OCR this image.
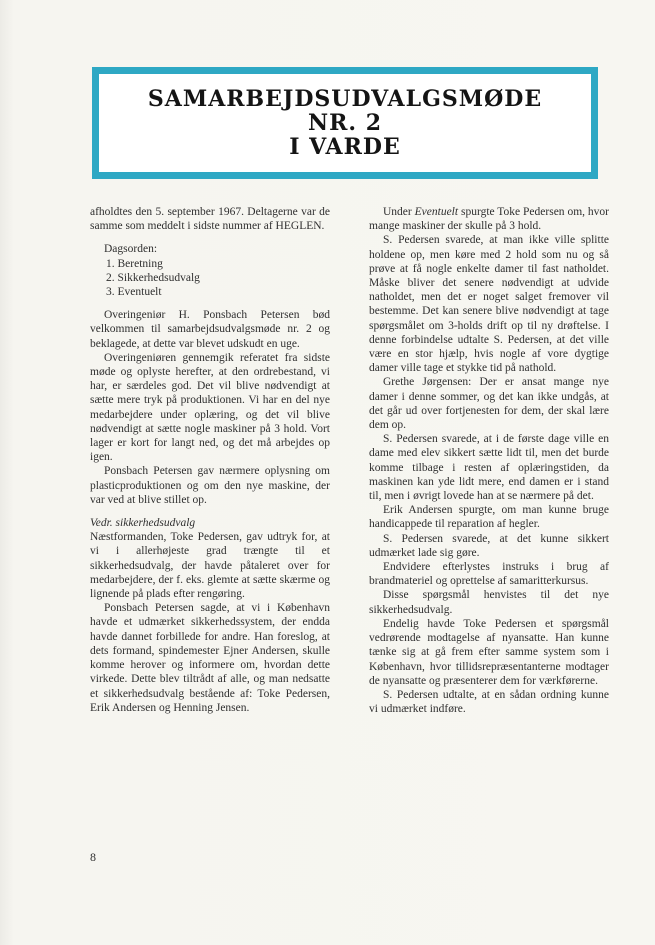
SAMARBEJDSUDVALGSMØDE
NR. 2
I VARDE

afholdtes den 5. september 1967. Deltagerne var de samme som meddelt i sidste nummer af HEGLEN.

Dagsorden:

1. Beretning

2. Sikkerhedsudvalg

3. Eventuelt

Overingeniør H. Ponsbach Petersen bød velkommen til samarbejdsudvalgsmøde nr. 2 og beklagede, at dette var blevet udskudt en uge.

Overingeniøren gennemgik referatet fra sidste møde og oplyste herefter, at den ordrebestand, vi har, er særdeles god. Det vil blive nødvendigt at sætte mere tryk på produktionen. Vi har en del nye medarbejdere under oplæring, og det vil blive nødvendigt at sætte nogle maskiner på 3 hold. Vort lager er kort for langt ned, og det må arbejdes op igen.

Ponsbach Petersen gav nærmere oplysning om plasticproduktionen og om den nye maskine, der var ved at blive stillet op.

Vedr. sikkerhedsudvalg

Næstformanden, Toke Pedersen, gav udtryk for, at vi i allerhøjeste grad trængte til et sikkerhedsudvalg, der havde påtaleret over for medarbejdere, der f. eks. glemte at sætte skærme og lignende på plads efter rengøring.

Ponsbach Petersen sagde, at vi i København havde et udmærket sikkerhedssystem, der endda havde dannet forbillede for andre. Han foreslog, at dets formand, spindemester Ejner Andersen, skulle komme herover og informere om, hvordan dette virkede. Dette blev tiltrådt af alle, og man nedsatte et sikkerhedsudvalg bestående af: Toke Pedersen, Erik Andersen og Henning Jensen.

Under Eventuelt spurgte Toke Pedersen om, hvor mange maskiner der skulle på 3 hold.

S. Pedersen svarede, at man ikke ville splitte holdene op, men køre med 2 hold som nu og så prøve at få nogle enkelte damer til fast natholdet. Måske bliver det senere nødvendigt at udvide natholdet, men det er noget salget fremover vil bestemme. Det kan senere blive nødvendigt at tage spørgsmålet om 3-holds drift op til ny drøftelse. I denne forbindelse udtalte S. Pedersen, at det ville være en stor hjælp, hvis nogle af vore dygtige damer ville tage et stykke tid på nathold.

Grethe Jørgensen: Der er ansat mange nye damer i denne sommer, og det kan ikke undgås, at det går ud over fortjenesten for dem, der skal lære dem op.

S. Pedersen svarede, at i de første dage ville en dame med elev sikkert sætte lidt til, men det burde komme tilbage i resten af oplæringstiden, da maskinen kan yde lidt mere, end damen er i stand til, men i øvrigt lovede han at se nærmere på det.

Erik Andersen spurgte, om man kunne bruge handicappede til reparation af hegler.

S. Pedersen svarede, at det kunne sikkert udmærket lade sig gøre.

Endvidere efterlystes instruks i brug af brandmateriel og oprettelse af samaritterkursus.

Disse spørgsmål henvistes til det nye sikkerhedsudvalg.

Endelig havde Toke Pedersen et spørgsmål vedrørende modtagelse af nyansatte. Han kunne tænke sig at gå frem efter samme system som i København, hvor tillidsrepræsentanterne modtager de nyansatte og præsenterer dem for værkførerne.

S. Pedersen udtalte, at en sådan ordning kunne vi udmærket indføre.

8
